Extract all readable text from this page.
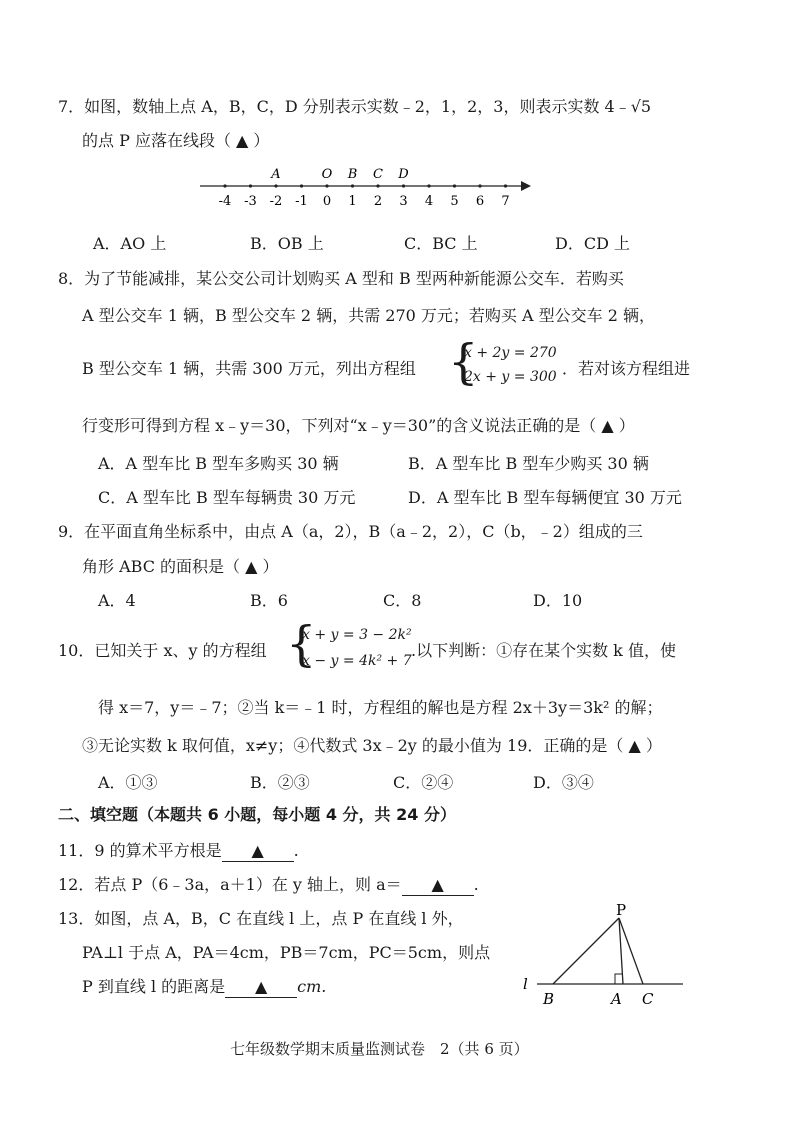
7．如图，数轴上点 A，B，C，D 分别表示实数﹣2，1，2，3，则表示实数 4﹣√5
的点 P 应落在线段（ ▲ ）
-4 -3 -2 -1 0 1 2 3 4 5 6 7
A	O B C D
A．AO 上	B．OB 上	C．BC 上	D．CD 上
8．为了节能减排，某公交公司计划购买 A 型和 B 型两种新能源公交车．若购买
A 型公交车 1 辆，B 型公交车 2 辆，共需 270 万元；若购买 A 型公交车 2 辆，
B 型公交车 1 辆，共需 300 万元，列出方程组 {
x + 2y = 270
2x + y = 300 ．若对该方程组进
行变形可得到方程 x﹣y＝30，下列对“x﹣y＝30”的含义说法正确的是（ ▲ ）
A．A 型车比 B 型车多购买 30 辆	B．A 型车比 B 型车少购买 30 辆
C．A 型车比 B 型车每辆贵 30 万元	D．A 型车比 B 型车每辆便宜 30 万元
9．在平面直角坐标系中，由点 A（a，2），B（a﹣2，2），C（b，﹣2）组成的三
角形 ABC 的面积是（ ▲ ）
A．4	B．6	C．8	D．10
10．已知关于 x、y 的方程组 {
x + y = 3 − 2k²
x − y = 4k² + 7
.以下判断：①存在某个实数 k 值，使
得 x＝7，y＝﹣7；②当 k＝﹣1 时，方程组的解也是方程 2x＋3y＝3k² 的解；
③无论实数 k 取何值，x≠y；④代数式 3x﹣2y 的最小值为 19．正确的是（ ▲ ）
A．①③	B．②③	C．②④	D．③④
二、填空题（本题共 6 小题，每小题 4 分，共 24 分）
11．9 的算术平方根是 ▲ .
12．若点 P（6﹣3a，a＋1）在 y 轴上，则 a＝ ▲ .
13．如图，点 A，B，C 在直线 l 上，点 P 在直线 l 外，
PA⊥l 于点 A，PA＝4cm，PB＝7cm，PC＝5cm，则点
P 到直线 l 的距离是 ▲ cm.
P
l
B	A C
七年级数学期末质量监测试卷　2（共 6 页）
